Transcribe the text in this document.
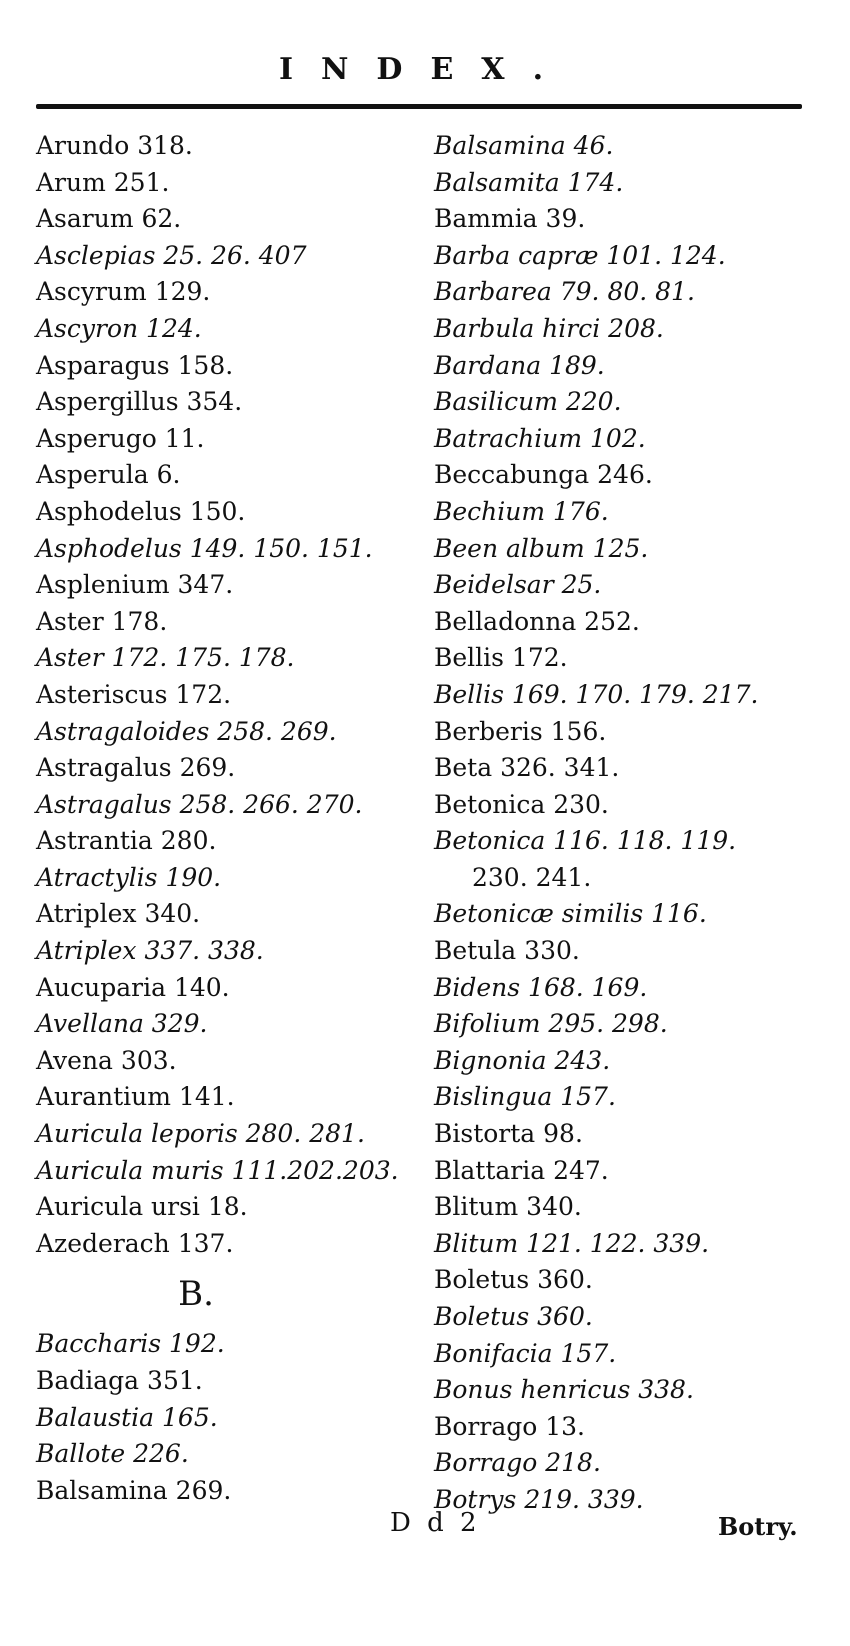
INDEX.
Arundo 318.
Arum 251.
Asarum 62.
Asclepias 25. 26. 407
Ascyrum 129.
Ascyron 124.
Asparagus 158.
Aspergillus 354.
Asperugo 11.
Asperula 6.
Asphodelus 150.
Asphodelus 149. 150. 151.
Asplenium 347.
Aster 178.
Aster 172. 175. 178.
Asteriscus 172.
Astragaloides 258. 269.
Astragalus 269.
Astragalus 258. 266. 270.
Astrantia 280.
Atractylis 190.
Atriplex 340.
Atriplex 337. 338.
Aucuparia 140.
Avellana 329.
Avena 303.
Aurantium 141.
Auricula leporis 280. 281.
Auricula muris 111.202.203.
Auricula ursi 18.
Azederach 137.
B.
Baccharis 192.
Badiaga 351.
Balaustia 165.
Ballote 226.
Balsamina 269.
Balsamina 46.
Balsamita 174.
Bammia 39.
Barba capræ 101. 124.
Barbarea 79. 80. 81.
Barbula hirci 208.
Bardana 189.
Basilicum 220.
Batrachium 102.
Beccabunga 246.
Bechium 176.
Been album 125.
Beidelsar 25.
Belladonna 252.
Bellis 172.
Bellis 169. 170. 179. 217.
Berberis 156.
Beta 326. 341.
Betonica 230.
Betonica 116. 118. 119.
230. 241.
Betonicæ similis 116.
Betula 330.
Bidens 168. 169.
Bifolium 295. 298.
Bignonia 243.
Bislingua 157.
Bistorta 98.
Blattaria 247.
Blitum 340.
Blitum 121. 122. 339.
Boletus 360.
Boletus 360.
Bonifacia 157.
Bonus henricus 338.
Borrago 13.
Borrago 218.
Botrys 219. 339.
D d 2	Botry.
